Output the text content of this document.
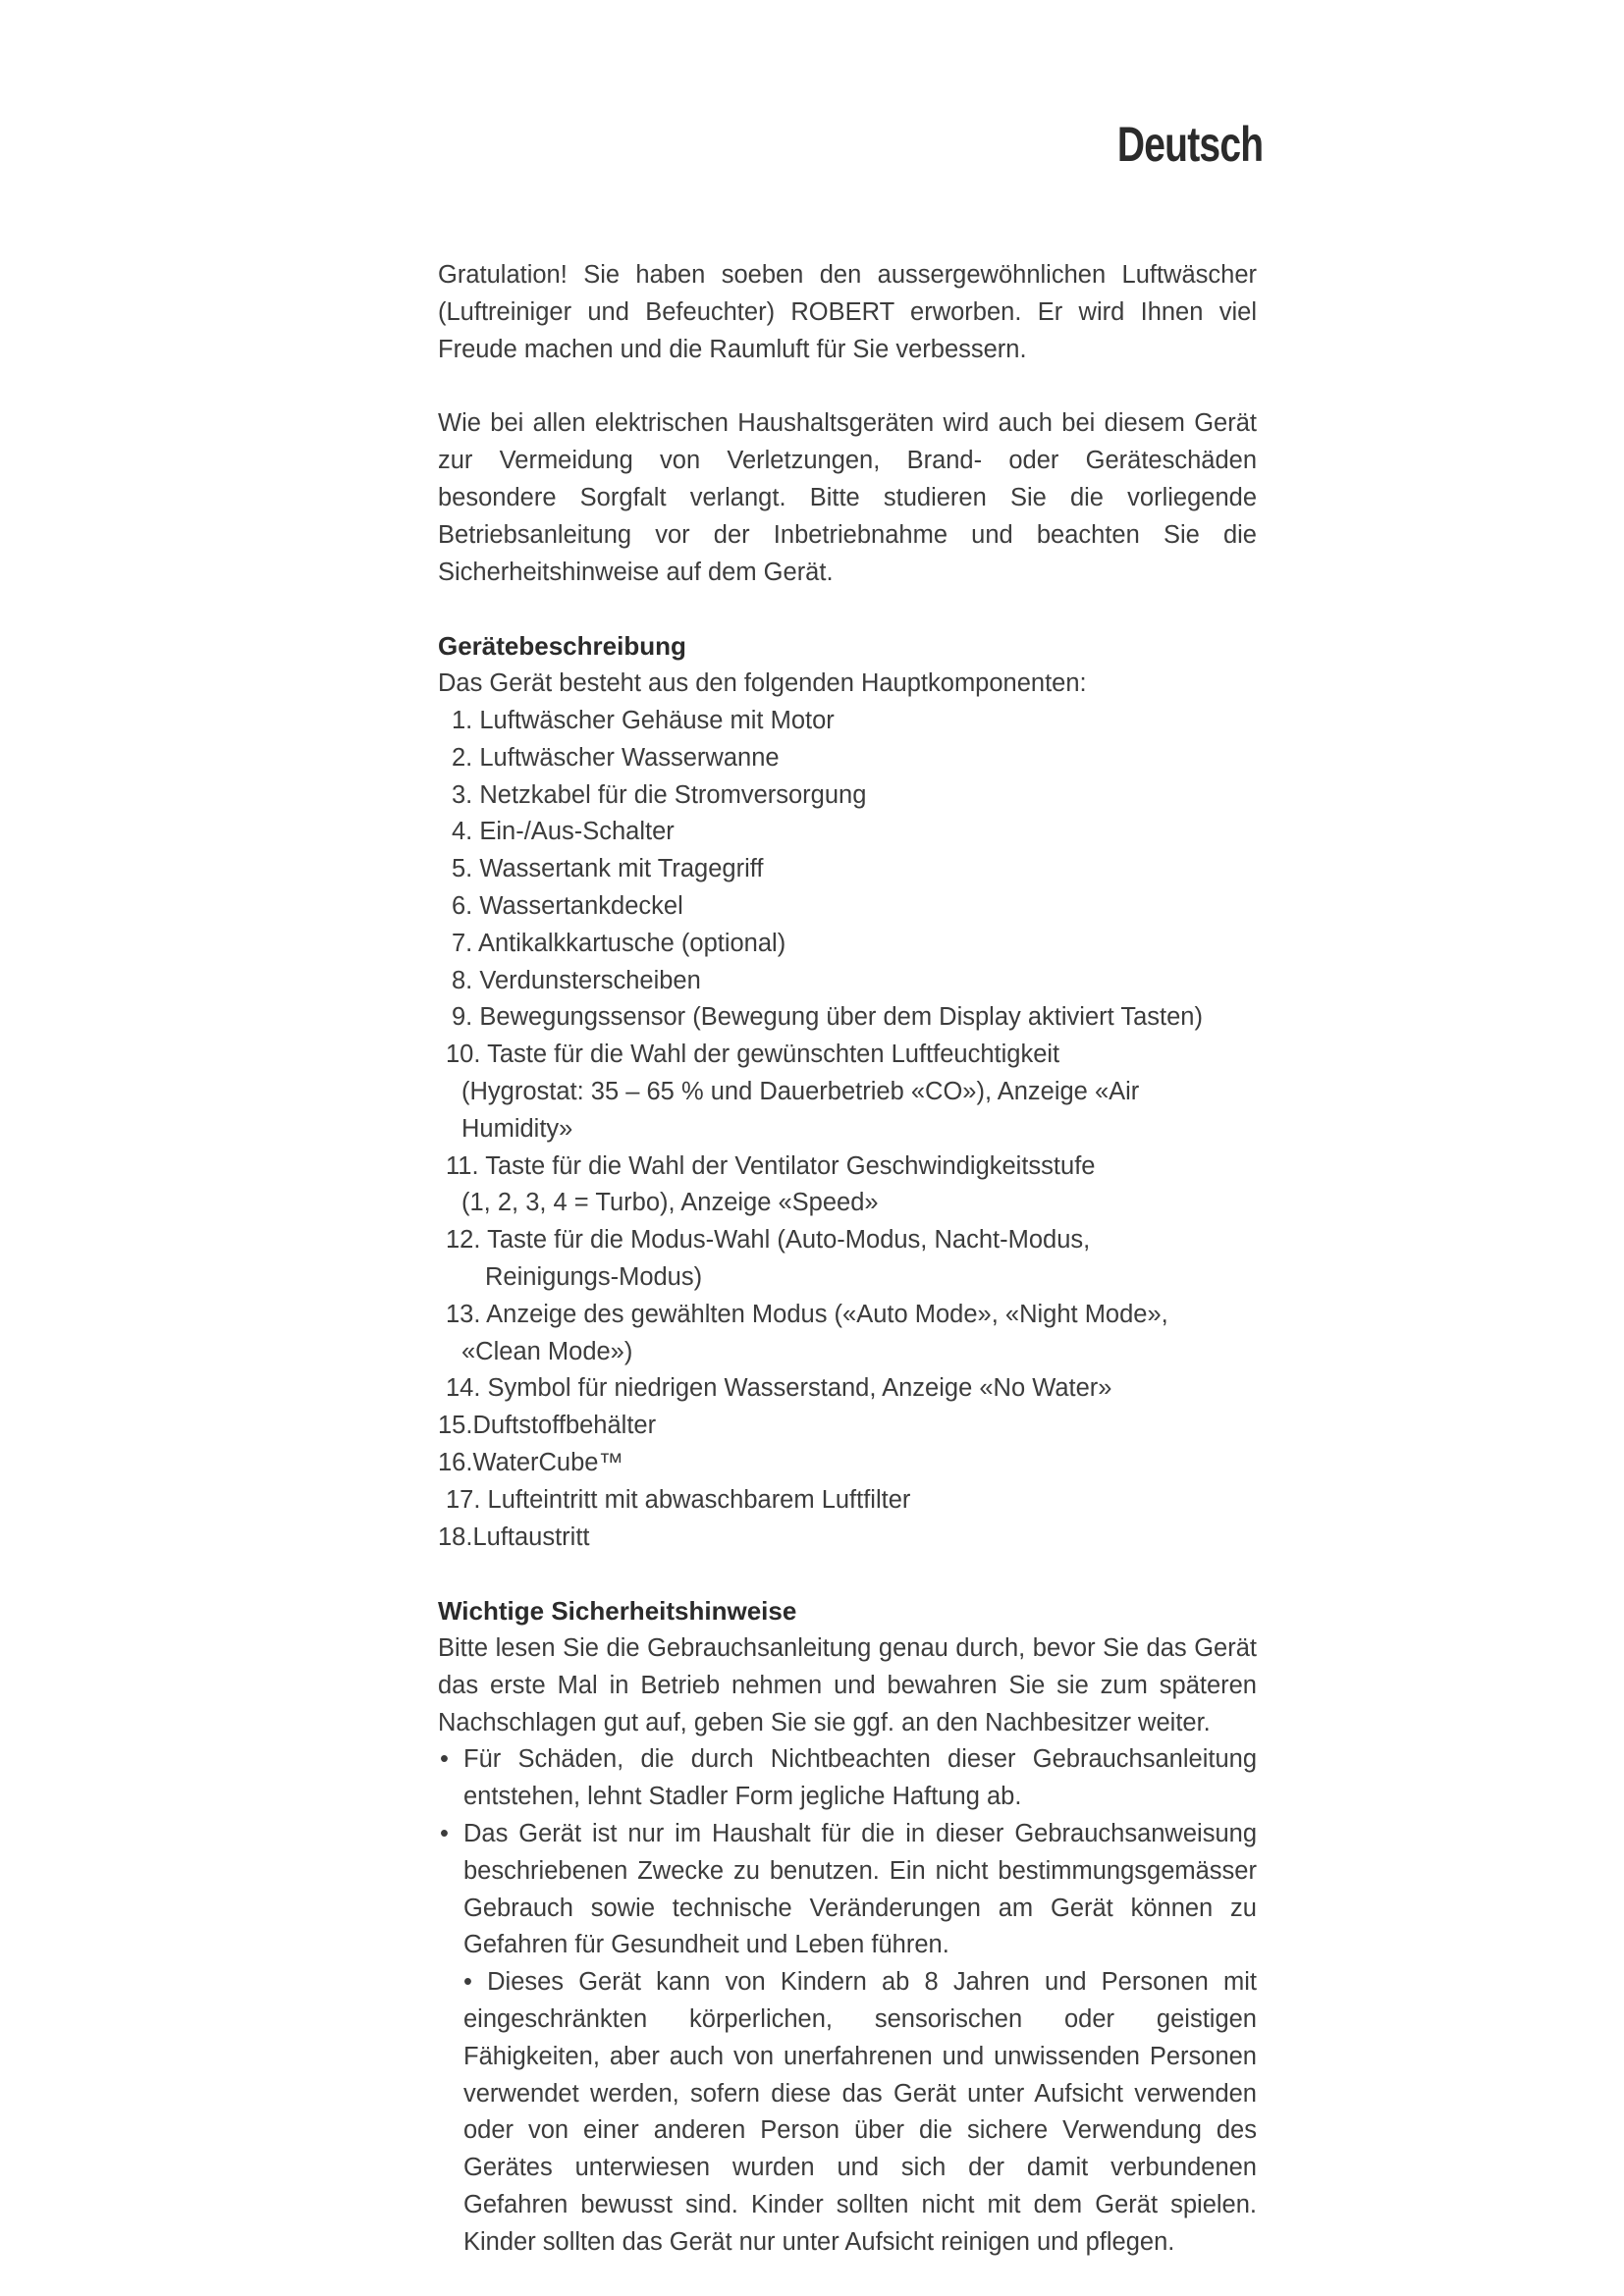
Deutsch

Gratulation! Sie haben soeben den aussergewöhnlichen Luftwäscher (Luftreiniger und Befeuchter) ROBERT erworben. Er wird Ihnen viel Freude machen und die Raumluft für Sie verbessern.

Wie bei allen elektrischen Haushaltsgeräten wird auch bei diesem Gerät zur Vermeidung von Verletzungen, Brand- oder Geräteschäden besondere Sorgfalt verlangt. Bitte studieren Sie die vorliegende Betriebsanleitung vor der Inbetriebnahme und beachten Sie die Sicherheitshinweise auf dem Gerät.

Gerätebeschreibung

Das Gerät besteht aus den folgenden Hauptkomponenten:

1. Luftwäscher Gehäuse mit Motor
2. Luftwäscher Wasserwanne
3. Netzkabel für die Stromversorgung
4. Ein-/Aus-Schalter
5. Wassertank mit Tragegriff
6. Wassertankdeckel
7. Antikalkkartusche (optional)
8. Verdunsterscheiben
9. Bewegungssensor (Bewegung über dem Display aktiviert Tasten)
10. Taste für die Wahl der gewünschten Luftfeuchtigkeit
(Hygrostat: 35 – 65 % und Dauerbetrieb «CO»), Anzeige «Air Humidity»
11. Taste für die Wahl der Ventilator Geschwindigkeitsstufe
(1, 2, 3, 4 = Turbo), Anzeige «Speed»
12. Taste für die Modus-Wahl (Auto-Modus, Nacht-Modus,
Reinigungs-Modus)
13. Anzeige des gewählten Modus («Auto Mode», «Night Mode»,
«Clean Mode»)
14. Symbol für niedrigen Wasserstand, Anzeige «No Water»
15.Duftstoffbehälter
16.WaterCube™
17. Lufteintritt mit abwaschbarem Luftfilter
18.Luftaustritt
Wichtige Sicherheitshinweise

Bitte lesen Sie die Gebrauchsanleitung genau durch, bevor Sie das Gerät das erste Mal in Betrieb nehmen und bewahren Sie sie zum späteren Nachschlagen gut auf, geben Sie sie ggf. an den Nachbesitzer weiter.

• Für Schäden, die durch Nichtbeachten dieser Gebrauchsanleitung entstehen, lehnt Stadler Form jegliche Haftung ab.
• Das Gerät ist nur im Haushalt für die in dieser Gebrauchsanweisung beschriebenen Zwecke zu benutzen. Ein nicht bestimmungsgemässer Gebrauch sowie technische Veränderungen am Gerät können zu Gefahren für Gesundheit und Leben führen.

• Dieses Gerät kann von Kindern ab 8 Jahren und Personen mit eingeschränkten körperlichen, sensorischen oder geistigen Fähigkeiten, aber auch von unerfahrenen und unwissenden Personen verwendet werden, sofern diese das Gerät unter Aufsicht verwenden oder von einer anderen Person über die sichere Verwendung des Gerätes unterwiesen wurden und sich der damit verbundenen Gefahren bewusst sind. Kinder sollten nicht mit dem Gerät spielen. Kinder sollten das Gerät nur unter Aufsicht reinigen und pflegen.
